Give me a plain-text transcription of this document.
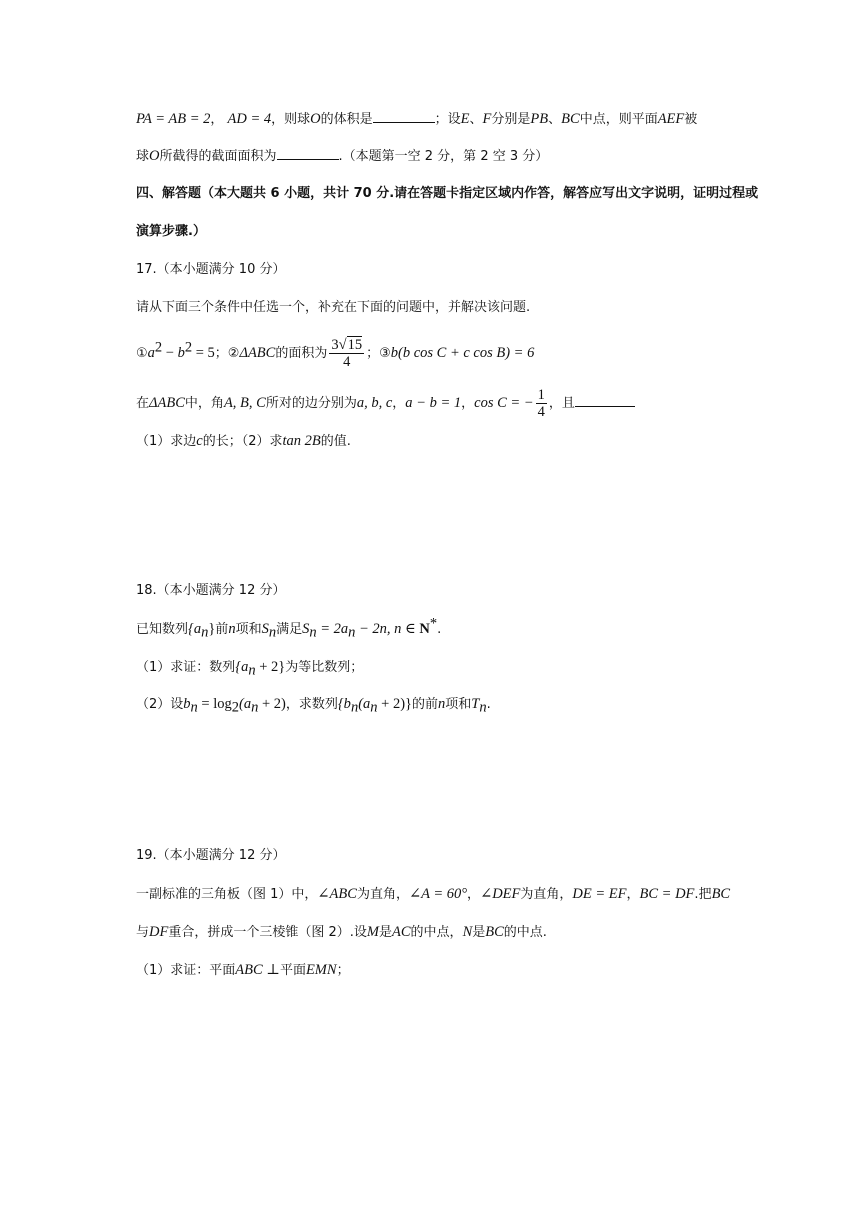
PA = AB = 2， AD = 4，则球O的体积是	；设E、F分别是PB、BC中点，则平面AEF被
球O所截得的截面面积为	.（本题第一空 2 分，第 2 空 3 分）
四、解答题（本大题共 6 小题，共计 70 分.请在答题卡指定区域内作答，解答应写出文字说明，证明过程或
演算步骤.）
17.（本小题满分 10 分）
请从下面三个条件中任选一个，补充在下面的问题中，并解决该问题.
$①a^2 - b^2 = 5$；②ΔABC的面积为 $\frac{3√15}{4}$ ；③b(b cos C + c cos B) = 6
在ΔABC中，角A, B, C所对的边分别为a, b, c，a − b = 1，cos C = − $\frac{1}{4}$ ，且
（1）求边c的长；（2）求tan 2B的值.
18.（本小题满分 12 分）
已知数列$\{a_n\}$前n项和$S_n$满足$S_n = 2a_n - 2n$, n ∈ N*.
（1）求证：数列$\{a_n + 2\}$为等比数列；
（2）设$b_n = \log_2(a_n + 2)$，求数列$\{b_n(a_n + 2)\}$的前n项和$T_n$.
19.（本小题满分 12 分）
一副标准的三角板（图 1）中，∠ABC为直角，∠A = 60°，∠DEF为直角，DE = EF，BC = DF.把BC
与DF重合，拼成一个三棱锥（图 2）.设M是AC的中点，N是BC的中点.
（1）求证：平面ABC ⊥平面EMN；
